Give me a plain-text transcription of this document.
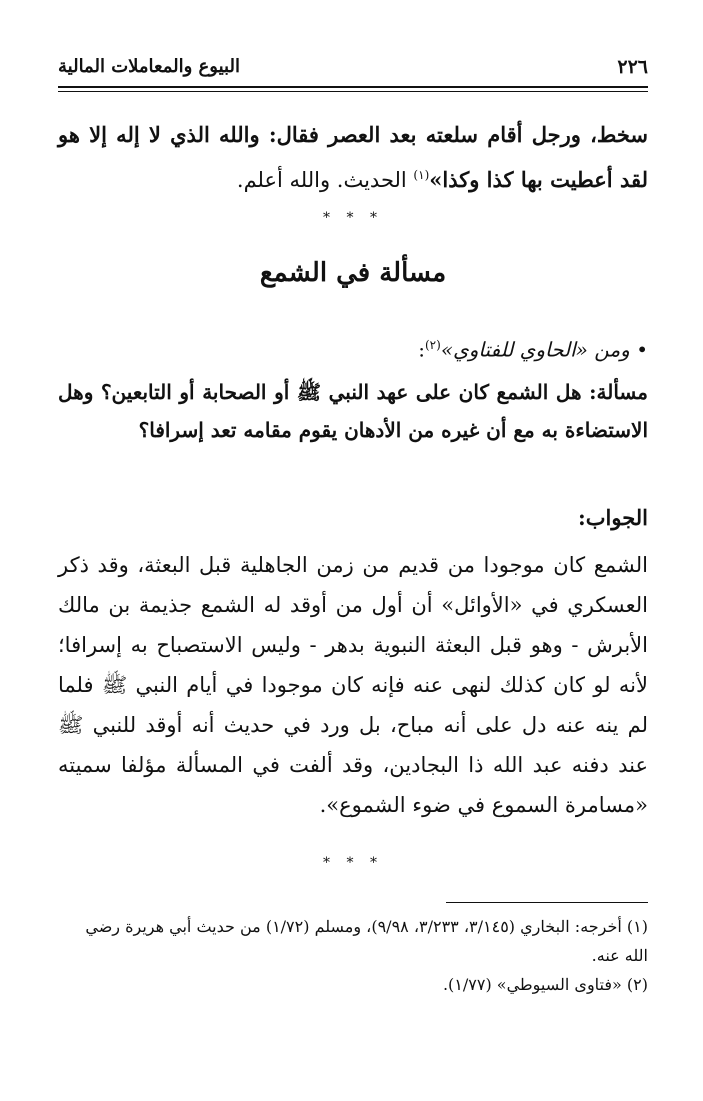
٢٢٦
البيوع والمعاملات المالية
سخط، ورجل أقام سلعته بعد العصر فقال: والله الذي لا إله إلا هو لقد أعطيت بها كذا وكذا»$^{(١)}$ الحديث. والله أعلم.
* * *
مسألة في الشمع
• ومن «الحاوي للفتاوي»$^{(٢)}$:
مسألة: هل الشمع كان على عهد النبي ﷺ أو الصحابة أو التابعين؟ وهل الاستضاءة به مع أن غيره من الأدهان يقوم مقامه تعد إسرافا؟
الجواب:
الشمع كان موجودا من قديم من زمن الجاهلية قبل البعثة، وقد ذكر العسكري في «الأوائل» أن أول من أوقد له الشمع جذيمة بن مالك الأبرش - وهو قبل البعثة النبوية بدهر - وليس الاستصباح به إسرافا؛ لأنه لو كان كذلك لنهى عنه فإنه كان موجودا في أيام النبي ﷺ فلما لم ينه عنه دل على أنه مباح، بل ورد في حديث أنه أوقد للنبي ﷺ عند دفنه عبد الله ذا البجادين، وقد ألفت في المسألة مؤلفا سميته «مسامرة السموع في ضوء الشموع».
* * *
(١) أخرجه: البخاري (٣/١٤٥، ٣/٢٣٣، ٩/٩٨)، ومسلم (١/٧٢) من حديث أبي هريرة رضي الله عنه.
(٢) «فتاوى السيوطي» (١/٧٧).
